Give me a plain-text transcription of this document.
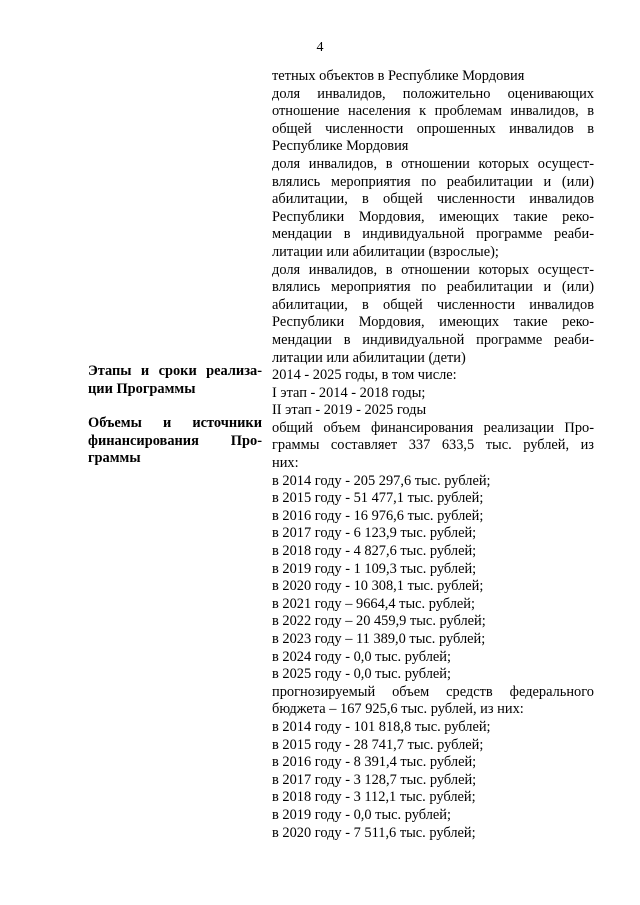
4
Этапы и сроки реализа-
ции Программы
Объемы и источники
финансирования Про-
граммы
тетных объектов в Республике Мордовия
доля инвалидов, положительно оценивающих
отношение населения к проблемам инвалидов, в
общей численности опрошенных инвалидов в
Республике Мордовия
доля инвалидов, в отношении которых осущест-
влялись мероприятия по реабилитации и (или)
абилитации, в общей численности инвалидов
Республики Мордовия, имеющих такие реко-
мендации в индивидуальной программе реаби-
литации или абилитации (взрослые);
доля инвалидов, в отношении которых осущест-
влялись мероприятия по реабилитации и (или)
абилитации, в общей численности инвалидов
Республики Мордовия, имеющих такие реко-
мендации в индивидуальной программе реаби-
литации или абилитации (дети)
2014 - 2025 годы, в том числе:
I этап - 2014 - 2018 годы;
II этап - 2019 - 2025 годы
общий объем финансирования реализации Про-
граммы составляет 337 633,5 тыс. рублей, из
них:
в 2014 году - 205 297,6 тыс. рублей;
в 2015 году - 51 477,1 тыс. рублей;
в 2016 году - 16 976,6 тыс. рублей;
в 2017 году - 6 123,9 тыс. рублей;
в 2018 году - 4 827,6 тыс. рублей;
в 2019 году - 1 109,3 тыс. рублей;
в 2020 году - 10 308,1 тыс. рублей;
в 2021 году – 9664,4 тыс. рублей;
в 2022 году – 20 459,9 тыс. рублей;
в 2023 году – 11 389,0 тыс. рублей;
в 2024 году - 0,0 тыс. рублей;
в 2025 году - 0,0 тыс. рублей;
прогнозируемый объем средств федерального
бюджета – 167 925,6 тыс. рублей, из них:
в 2014 году - 101 818,8 тыс. рублей;
в 2015 году - 28 741,7 тыс. рублей;
в 2016 году - 8 391,4 тыс. рублей;
в 2017 году - 3 128,7 тыс. рублей;
в 2018 году - 3 112,1 тыс. рублей;
в 2019 году - 0,0 тыс. рублей;
в 2020 году - 7 511,6 тыс. рублей;
